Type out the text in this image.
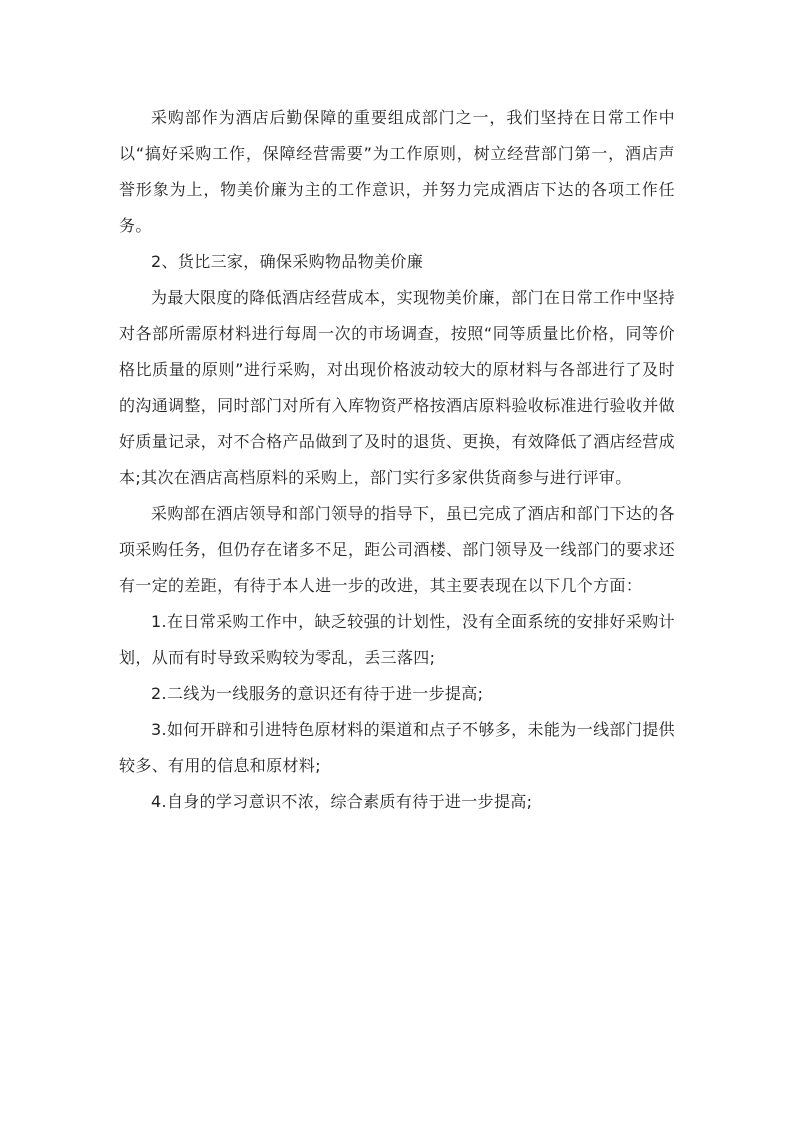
采购部作为酒店后勤保障的重要组成部门之一，我们坚持在日常工作中以“搞好采购工作，保障经营需要”为工作原则，树立经营部门第一，酒店声誉形象为上，物美价廉为主的工作意识，并努力完成酒店下达的各项工作任务。

2、货比三家，确保采购物品物美价廉

为最大限度的降低酒店经营成本，实现物美价廉，部门在日常工作中坚持对各部所需原材料进行每周一次的市场调查，按照“同等质量比价格，同等价格比质量的原则”进行采购，对出现价格波动较大的原材料与各部进行了及时的沟通调整，同时部门对所有入库物资严格按酒店原料验收标准进行验收并做好质量记录，对不合格产品做到了及时的退货、更换，有效降低了酒店经营成本;其次在酒店高档原料的采购上，部门实行多家供货商参与进行评审。

采购部在酒店领导和部门领导的指导下，虽已完成了酒店和部门下达的各项采购任务，但仍存在诸多不足，距公司酒楼、部门领导及一线部门的要求还有一定的差距，有待于本人进一步的改进，其主要表现在以下几个方面：

1.在日常采购工作中，缺乏较强的计划性，没有全面系统的安排好采购计划，从而有时导致采购较为零乱，丢三落四;

2.二线为一线服务的意识还有待于进一步提高;

3.如何开辟和引进特色原材料的渠道和点子不够多，未能为一线部门提供较多、有用的信息和原材料;

4.自身的学习意识不浓，综合素质有待于进一步提高;
